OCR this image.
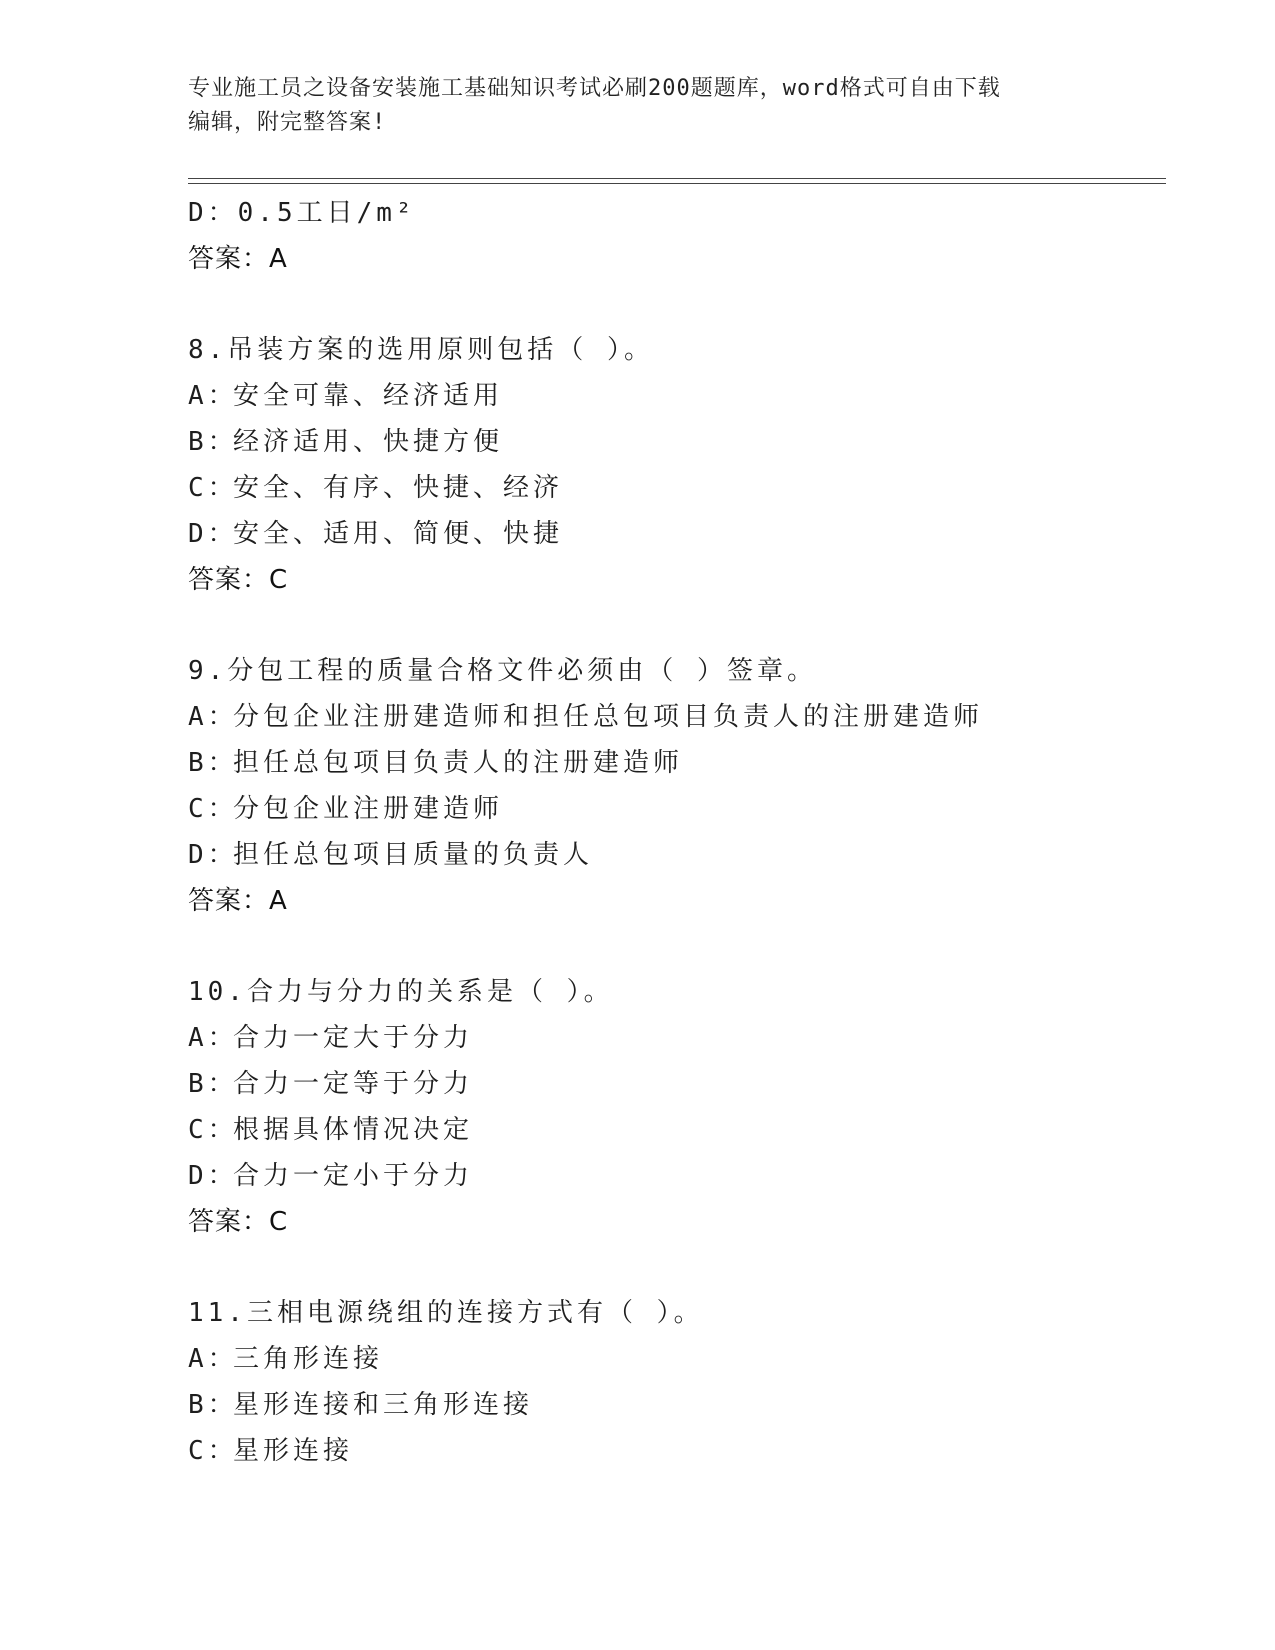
专业施工员之设备安装施工基础知识考试必刷200题题库，word格式可自由下载
编辑，附完整答案!
D：0.5工日/m²
答案：A
8.吊装方案的选用原则包括（ ）。
A：安全可靠、经济适用
B：经济适用、快捷方便
C：安全、有序、快捷、经济
D：安全、适用、简便、快捷
答案：C
9.分包工程的质量合格文件必须由（ ）签章。
A：分包企业注册建造师和担任总包项目负责人的注册建造师
B：担任总包项目负责人的注册建造师
C：分包企业注册建造师
D：担任总包项目质量的负责人
答案：A
10.合力与分力的关系是（ ）。
A：合力一定大于分力
B：合力一定等于分力
C：根据具体情况决定
D：合力一定小于分力
答案：C
11.三相电源绕组的连接方式有（ ）。
A：三角形连接
B：星形连接和三角形连接
C：星形连接
